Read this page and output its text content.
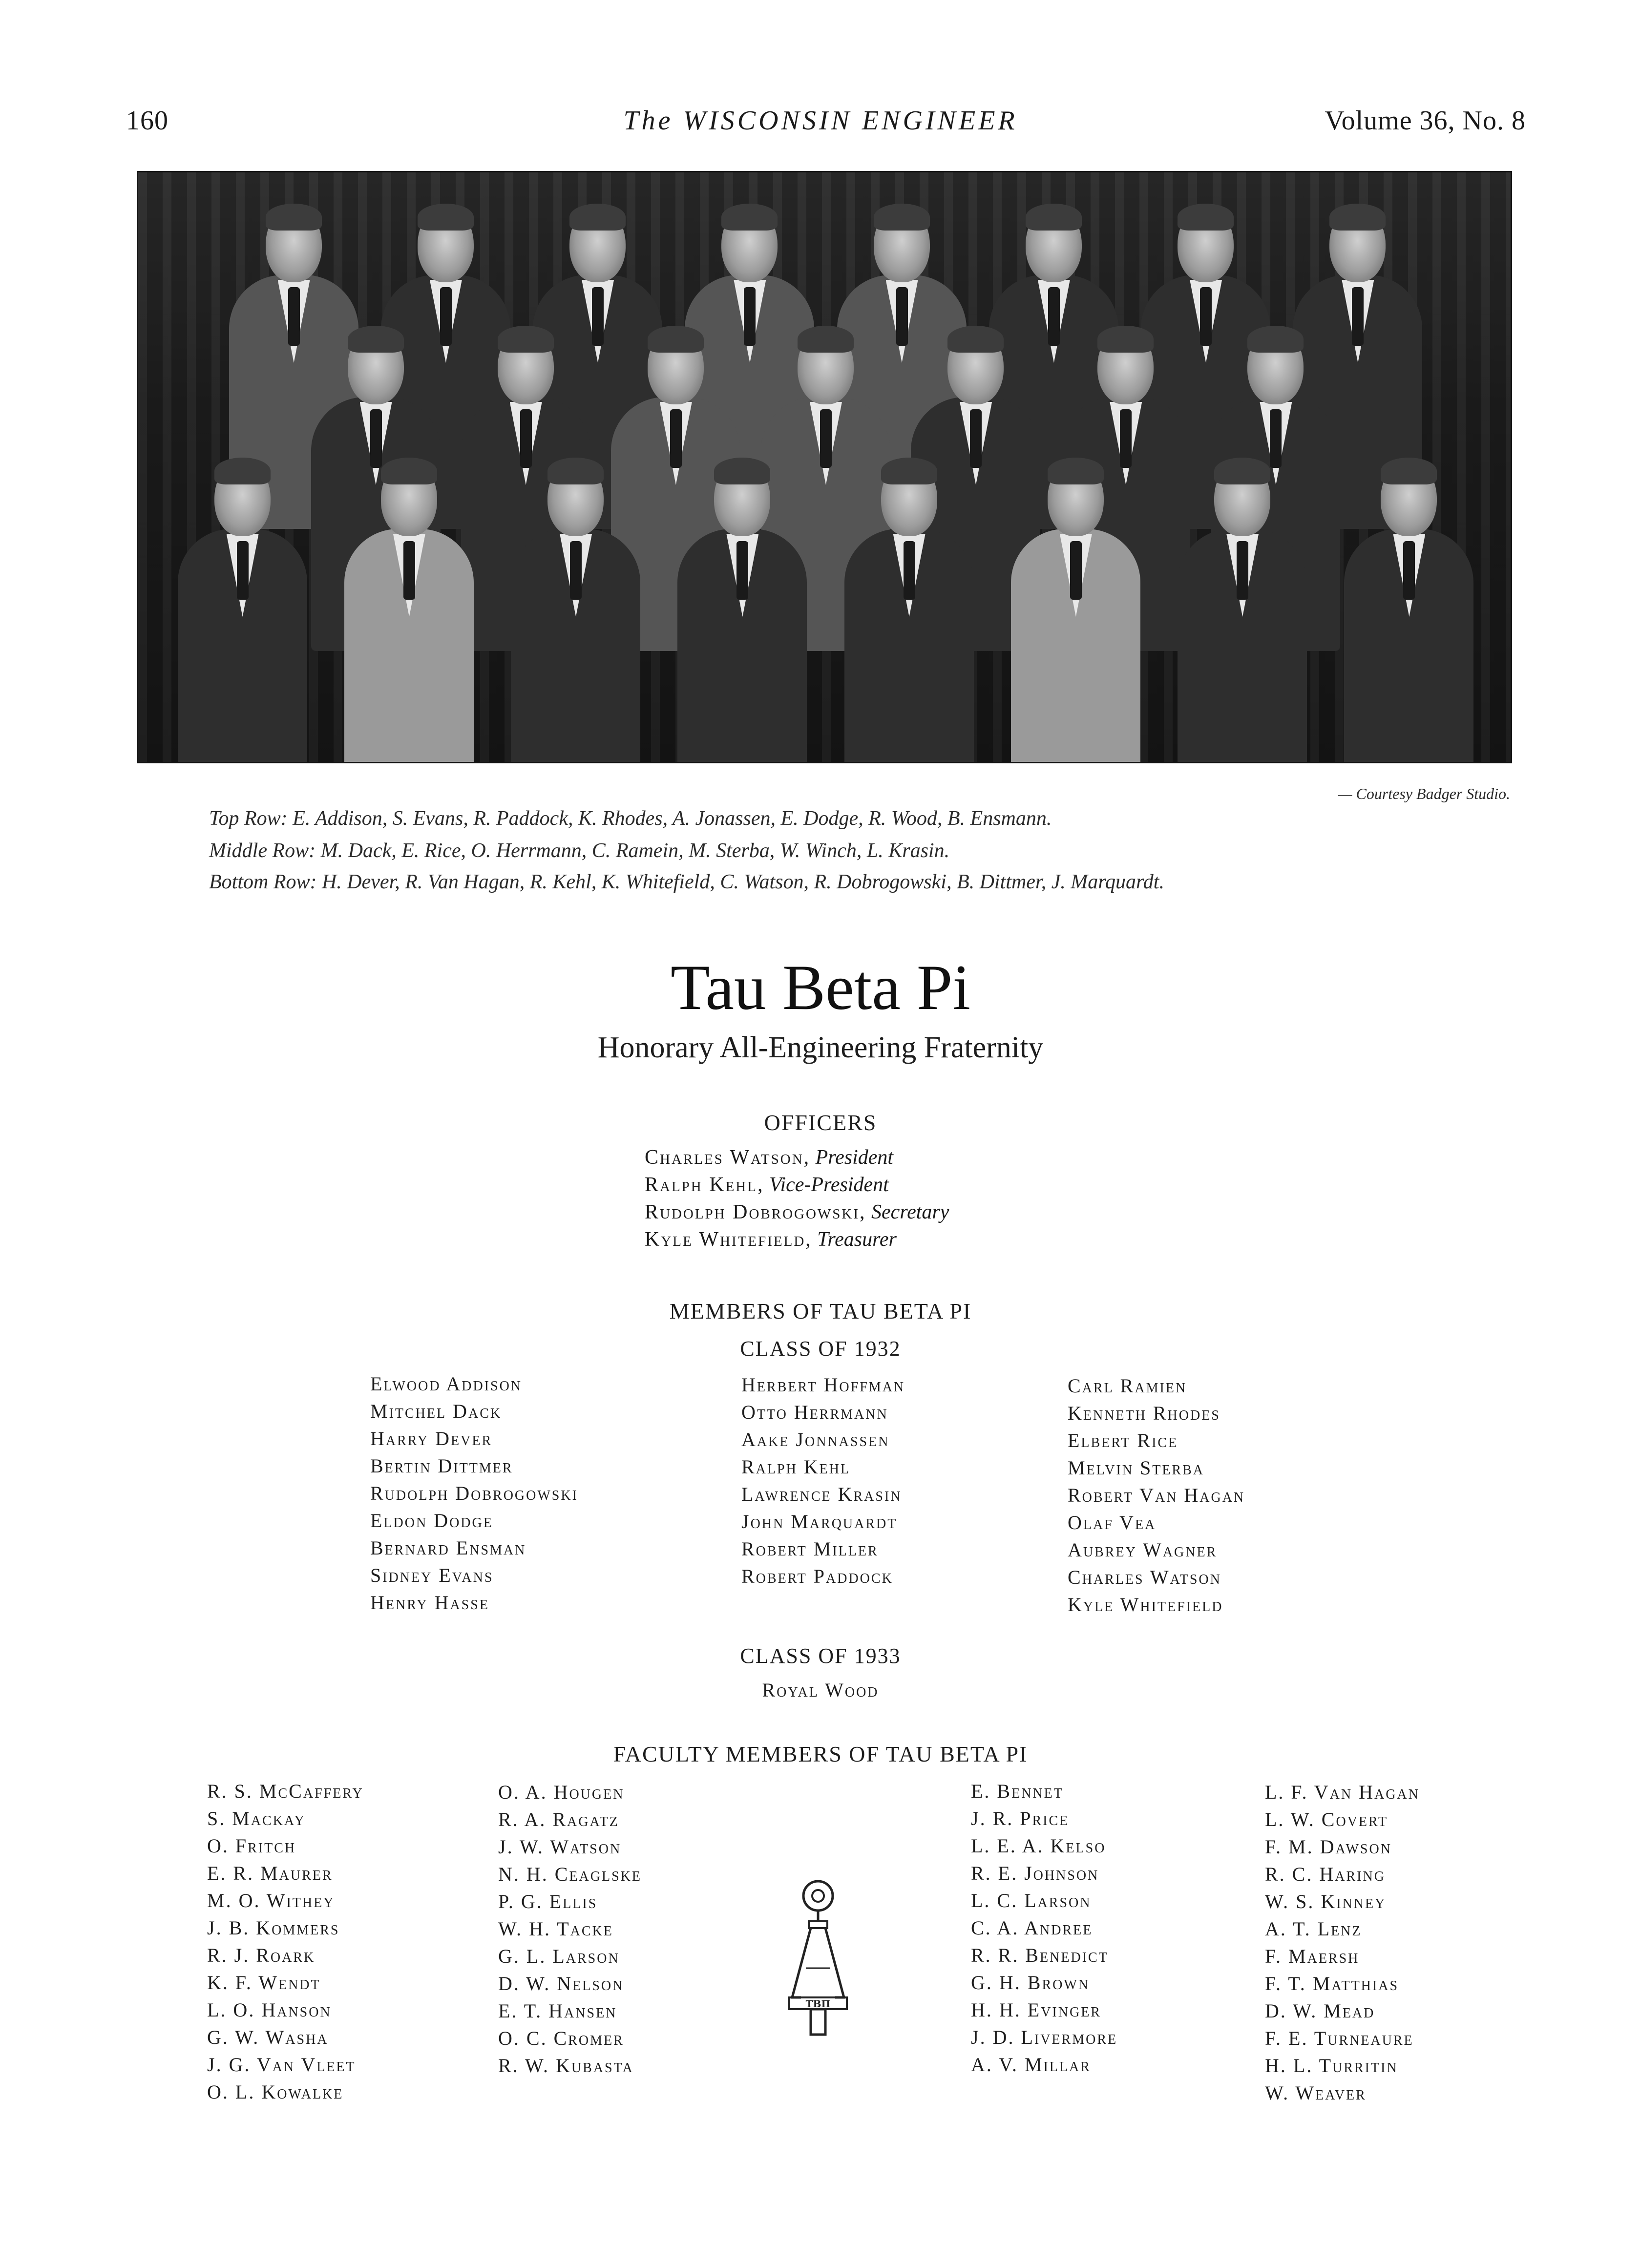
160	The WISCONSIN ENGINEER	Volume 36, No. 8
— Courtesy Badger Studio.
Top Row: E. Addison, S. Evans, R. Paddock, K. Rhodes, A. Jonassen, E. Dodge, R. Wood, B. Ensmann.
Middle Row: M. Dack, E. Rice, O. Herrmann, C. Ramein, M. Sterba, W. Winch, L. Krasin.
Bottom Row: H. Dever, R. Van Hagan, R. Kehl, K. Whitefield, C. Watson, R. Dobrogowski, B. Dittmer, J. Marquardt.
Tau Beta Pi
Honorary All-Engineering Fraternity
OFFICERS
Charles Watson, President
Ralph Kehl, Vice-President
Rudolph Dobrogowski, Secretary
Kyle Whitefield, Treasurer
MEMBERS OF TAU BETA PI
CLASS OF 1932
Elwood Addison
Mitchel Dack
Harry Dever
Bertin Dittmer
Rudolph Dobrogowski
Eldon Dodge
Bernard Ensman
Sidney Evans
Henry Hasse
Herbert Hoffman
Otto Herrmann
Aake Jonnassen
Ralph Kehl
Lawrence Krasin
John Marquardt
Robert Miller
Robert Paddock
Carl Ramien
Kenneth Rhodes
Elbert Rice
Melvin Sterba
Robert Van Hagan
Olaf Vea
Aubrey Wagner
Charles Watson
Kyle Whitefield
CLASS OF 1933
Royal Wood
FACULTY MEMBERS OF TAU BETA PI
R. S. McCaffery
S. Mackay
O. Fritch
E. R. Maurer
M. O. Withey
J. B. Kommers
R. J. Roark
K. F. Wendt
L. O. Hanson
G. W. Washa
J. G. Van Vleet
O. L. Kowalke
O. A. Hougen
R. A. Ragatz
J. W. Watson
N. H. Ceaglske
P. G. Ellis
W. H. Tacke
G. L. Larson
D. W. Nelson
E. T. Hansen
O. C. Cromer
R. W. Kubasta
ΤΒΠ
E. Bennet
J. R. Price
L. E. A. Kelso
R. E. Johnson
L. C. Larson
C. A. Andree
R. R. Benedict
G. H. Brown
H. H. Evinger
J. D. Livermore
A. V. Millar
L. F. Van Hagan
L. W. Covert
F. M. Dawson
R. C. Haring
W. S. Kinney
A. T. Lenz
F. Maersh
F. T. Matthias
D. W. Mead
F. E. Turneaure
H. L. Turritin
W. Weaver
